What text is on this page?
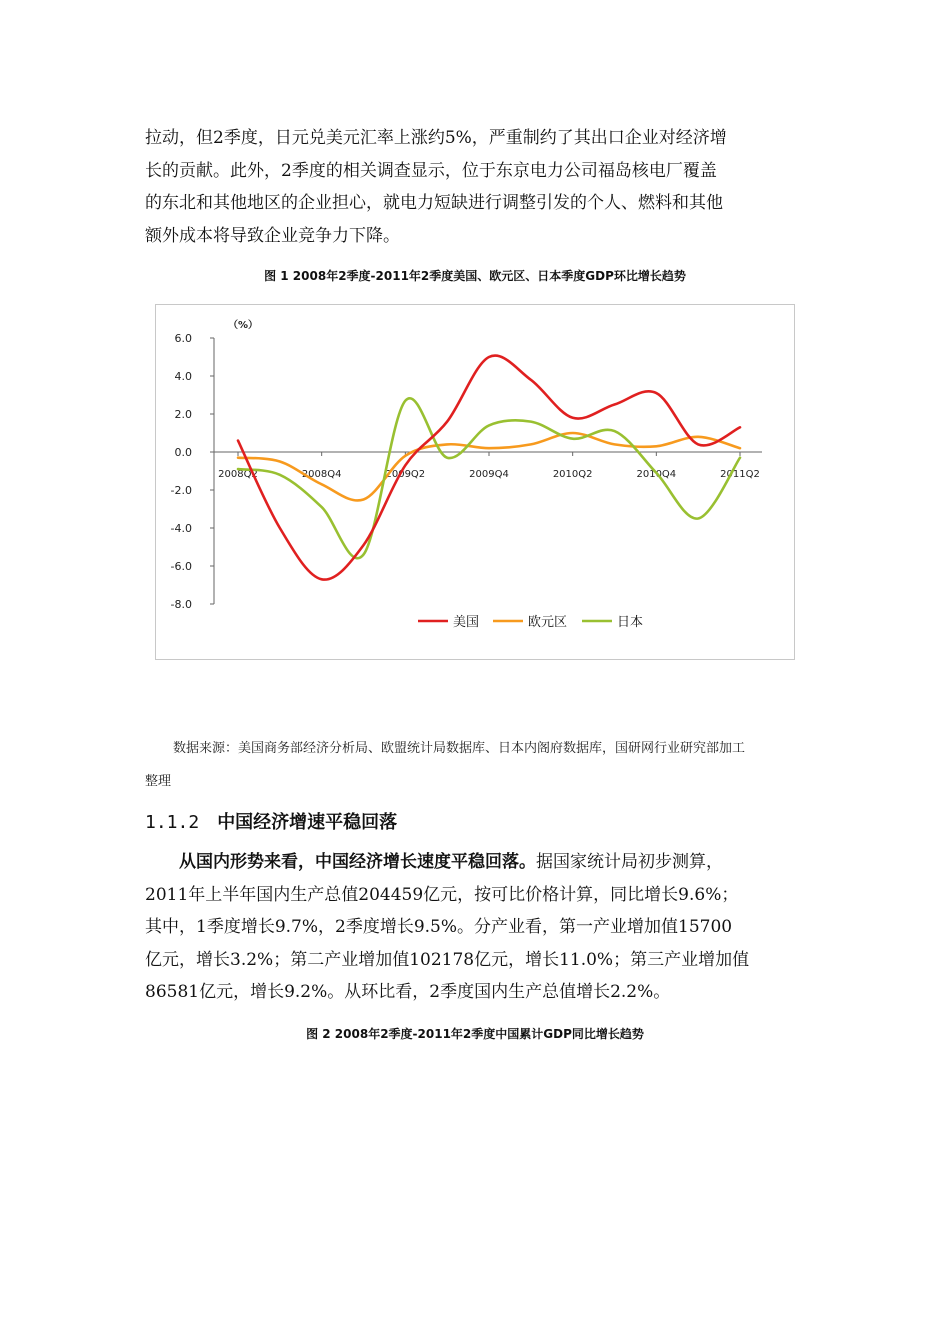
拉动，但2季度，日元兑美元汇率上涨约5%，严重制约了其出口企业对经济增

长的贡献。此外，2季度的相关调查显示，位于东京电力公司福岛核电厂覆盖

的东北和其他地区的企业担心，就电力短缺进行调整引发的个人、燃料和其他

额外成本将导致企业竞争力下降。

图 1 2008年2季度-2011年2季度美国、欧元区、日本季度GDP环比增长趋势
6.0
4.0
2.0
0.0
-2.0
-4.0
-6.0
-8.0
（%）
2008Q2	2008Q4	2009Q2	2009Q4	2010Q2	2010Q4	2011Q2
美国	欧元区	日本
数据来源：美国商务部经济分析局、欧盟统计局数据库、日本内阁府数据库，国研网行业研究部加工
整理
1.1.2 中国经济增速平稳回落

从国内形势来看，中国经济增长速度平稳回落。据国家统计局初步测算，

2011年上半年国内生产总值204459亿元，按可比价格计算，同比增长9.6%；

其中，1季度增长9.7%，2季度增长9.5%。分产业看，第一产业增加值15700

亿元，增长3.2%；第二产业增加值102178亿元，增长11.0%；第三产业增加值

86581亿元，增长9.2%。从环比看，2季度国内生产总值增长2.2%。

图 2 2008年2季度-2011年2季度中国累计GDP同比增长趋势
